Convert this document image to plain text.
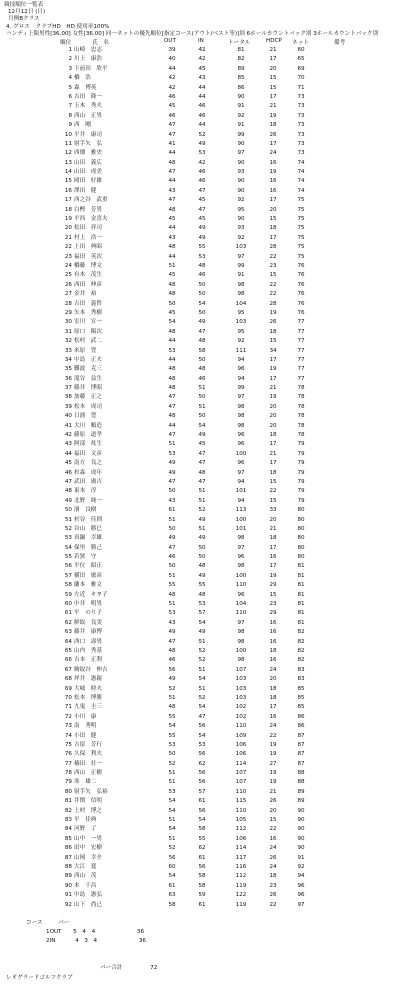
競技順位一覧表
12月12日 (日)
月例Bクラス
4. グロス　クラブHD　HD 使用率100%
ハンディ上限男性[36.00] 女性[36.00] 同一ネットの優先順位[指定コース(アウト/ベスト等)]別 6ホールカウントバック別 3ホールカウントバック別
順位	氏　名	OUT	IN	トータル	HDCP ネット	備考
1 山崎　忠志	39	42	81	21	60
2 川上　康浩	40	42	82	17	65
3 下前田　欣平	44	45	89	20	69
4 橋　浩	42	43	85	15	70
5 森　博英	42	44	86	15	71
6 吉田　隆一	46	44	90	17	73
7 玉木　秀夫	45	46	91	21	73
8 西山　正男	46	46	92	19	73
9 西　剛	47	44	91	18	73
10 平井　康司	47	52	99	26	73
11 射手矢　弘	41	49	90	17	73
12 西畑　雅史	44	53	97	24	73
13 山田　義広	48	42	90	16	74
14 山田　成美	47	46	93	19	74
15 岡田　好雄	44	46	90	16	74
16 澤田　健	43	47	90	16	74
17 西之谷　武重	47	45	92	17	75
18 白樫　芳男	48	47	95	20	75
19 平西　金喜夫	45	45	90	15	75
20 松田　祥司	44	49	93	18	75
21 村上　浩一	43	49	92	17	75
22 上田　典昭	48	55	103	28	75
23 福田　英次	44	53	97	22	75
24 橋藤　博文	51	48	99	23	76
25 有木　茂生	45	46	91	15	76
26 西田　伸彦	48	50	98	22	76
27 金井　裕	48	50	98	22	76
28 吉田　義哲	50	54	104	28	76
29 矢本　秀樹	45	50	95	19	76
30 室川　宣一	54	49	103	26	77
31 原口　陽次	48	47	95	18	77
32 松村　武二	44	48	92	15	77
33 米原　豊	53	58	111	34	77
34 中島　正夫	44	50	94	17	77
35 難波　克三	48	48	96	19	77
36 滝谷　益生	48	46	94	17	77
37 藤井　博昭	48	51	99	21	78
38 加藤　正之	47	50	97	19	78
39 松本　成司	47	51	98	20	78
40 日浦　豊	48	50	98	20	78
41 大川　順造	44	54	98	20	78
42 藤原　道孝	47	49	96	18	78
43 阿部　眞生	51	45	96	17	79
44 福田　文彦	53	47	100	21	79
45 南方　良之	49	47	96	17	79
46 杉森　成年	49	48	97	18	79
47 武田　廣吉	47	47	94	15	79
48 東本　淳	50	51	101	22	79
49 北野　純一	43	51	94	15	79
50 濱　良樹	61	52	113	33	80
51 杉谷　佳則	51	49	100	20	80
52 谷山　勝巳	50	51	101	21	80
53 真鍋　幸雄	49	49	98	18	80
54 保里　勝己	47	50	97	17	80
55 若狭　守	46	50	96	16	80
56 平位　昭正	50	48	98	17	81
57 横田　敏彦	51	49	100	19	81
58 蘭本　雅文	55	55	110	29	81
59 左近　キヲ子	48	48	96	15	81
60 中井　明男	51	53	104	23	81
61 平　のり子	53	57	110	29	81
62 鮮取　良実	43	54	97	16	81
63 藤井　康博	49	49	98	16	82
64 西口　壽男	47	51	98	16	82
65 山内　秀基	48	52	100	18	82
66 吉本　正利	46	52	98	16	82
67 駒取谷　伸吉	56	51	107	24	83
68 坪井　憲親	49	54	103	20	83
69 大城　時夫	52	51	103	18	85
70 松本　博勝	51	52	103	18	85
71 九鬼　圭三	48	54	102	17	85
72 小川　康	55	47	102	16	86
73 南　秀明	54	56	110	24	86
74 小田　健	55	54	109	22	87
75 吉留　芳行	53	53	106	19	87
76 久保　利夫	50	56	106	19	87
77 楠田　壮一	52	62	114	27	87
78 西山　正樹	51	56	107	19	88
79 寒　雄二	51	56	107	19	88
80 射手矢　弘裕	53	57	110	21	89
81 井関　信明	54	61	115	26	89
82 上村　博之	54	56	110	20	90
83 平　佳典	51	54	105	15	90
84 河野　了	54	58	112	22	90
85 山中　一男	51	55	106	16	90
86 田中　宏樹	52	62	114	24	90
87 山岡　幸介	56	61	117	26	91
88 大江　寛	60	56	116	24	92
89 西山　茂	54	58	112	18	94
90 本　千昌	61	58	119	23	96
91 中島　憲弘	63	59	122	26	96
92 山下　尚己	58	61	119	22	97
コース	パー
1OUT 5　4　4	36
2IN	4　3　4	36
パー合計	72
レオグラードゴルフクラブ
